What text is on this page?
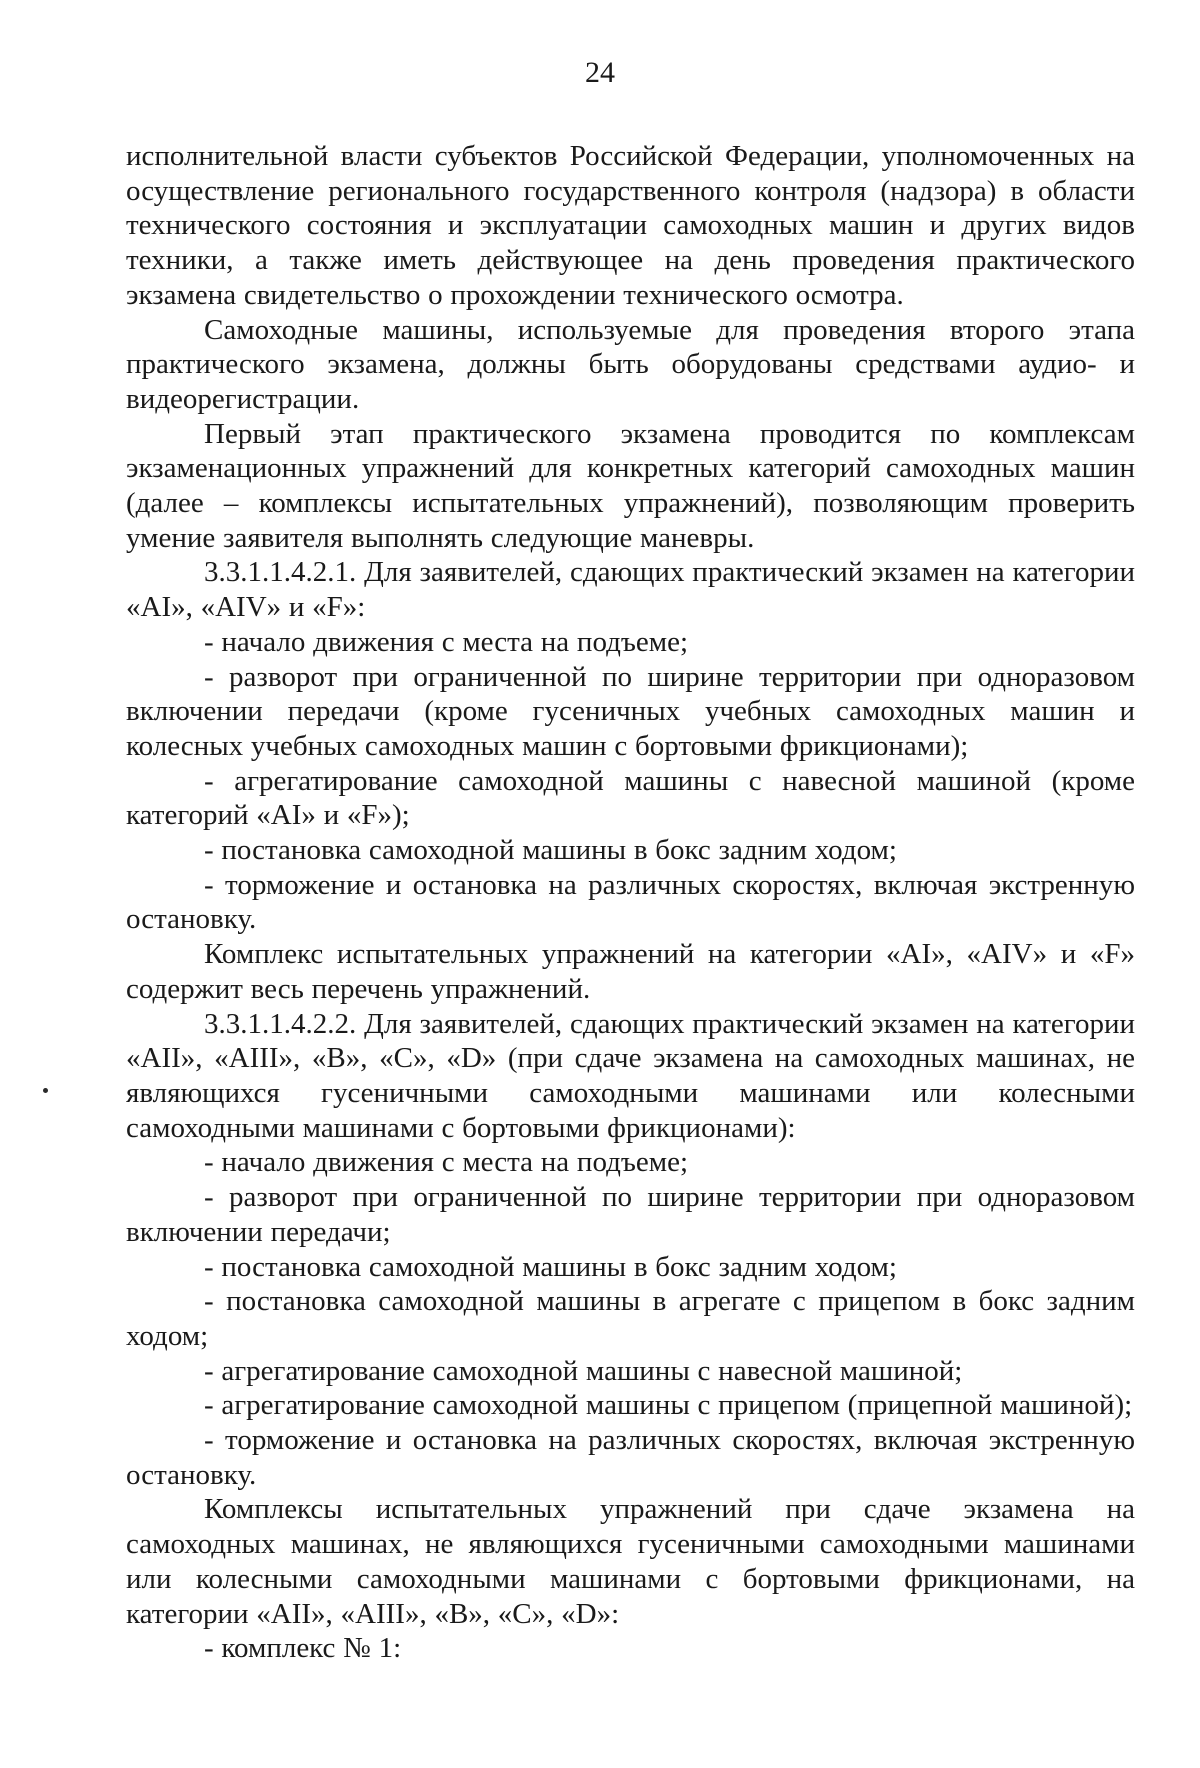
24

исполнительной власти субъектов Российской Федерации, уполномоченных на осуществление регионального государственного контроля (надзора) в области технического состояния и эксплуатации самоходных машин и других видов техники, а также иметь действующее на день проведения практического экзамена свидетельство о прохождении технического осмотра.

Самоходные машины, используемые для проведения второго этапа практического экзамена, должны быть оборудованы средствами аудио- и видеорегистрации.

Первый этап практического экзамена проводится по комплексам экзаменационных упражнений для конкретных категорий самоходных машин (далее – комплексы испытательных упражнений), позволяющим проверить умение заявителя выполнять следующие маневры.

3.3.1.1.4.2.1. Для заявителей, сдающих практический экзамен на категории «AI», «AIV» и «F»:

- начало движения с места на подъеме;

- разворот при ограниченной по ширине территории при одноразовом включении передачи (кроме гусеничных учебных самоходных машин и колесных учебных самоходных машин с бортовыми фрикционами);

- агрегатирование самоходной машины с навесной машиной (кроме категорий «AI» и «F»);

- постановка самоходной машины в бокс задним ходом;

- торможение и остановка на различных скоростях, включая экстренную остановку.

Комплекс испытательных упражнений на категории «AI», «AIV» и «F» содержит весь перечень упражнений.

3.3.1.1.4.2.2. Для заявителей, сдающих практический экзамен на категории «AII», «AIII», «B», «C», «D» (при сдаче экзамена на самоходных машинах, не являющихся гусеничными самоходными машинами или колесными самоходными машинами с бортовыми фрикционами):

- начало движения с места на подъеме;

- разворот при ограниченной по ширине территории при одноразовом включении передачи;

- постановка самоходной машины в бокс задним ходом;

- постановка самоходной машины в агрегате с прицепом в бокс задним ходом;

- агрегатирование самоходной машины с навесной машиной;

- агрегатирование самоходной машины с прицепом (прицепной машиной);

- торможение и остановка на различных скоростях, включая экстренную остановку.

Комплексы испытательных упражнений при сдаче экзамена на самоходных машинах, не являющихся гусеничными самоходными машинами или колесными самоходными машинами с бортовыми фрикционами, на категории «AII», «AIII», «B», «C», «D»:

- комплекс № 1:
